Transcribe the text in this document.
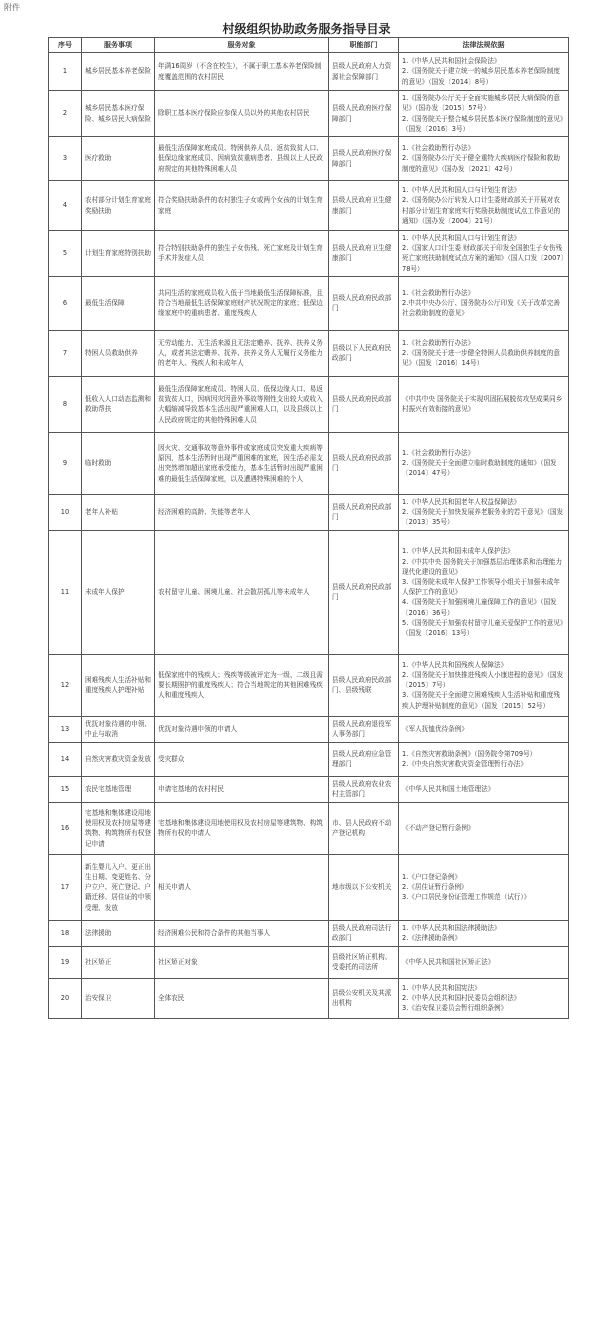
附件
村级组织协助政务服务指导目录
序号	服务事项	服务对象	职能部门	法律法规依据
1	城乡居民基本养老保险	年满16周岁（不含在校生），不属于职工基本养老保险制度覆盖范围的农村居民	县级人民政府人力资源社会保障部门	1.《中华人民共和国社会保险法》
2.《国务院关于建立统一的城乡居民基本养老保险制度的意见》（国发〔2014〕8号）

2	城乡居民基本医疗保险、城乡居民大病保险	除职工基本医疗保险应参保人员以外的其他农村居民	县级人民政府医疗保障部门	1.《国务院办公厅关于全面实施城乡居民大病保险的意见》（国办发〔2015〕57号）
2.《国务院关于整合城乡居民基本医疗保险制度的意见》（国发〔2016〕3号）

3	医疗救助	最低生活保障家庭成员、特困供养人员、返贫致贫人口、低保边缘家庭成员、因病致贫重病患者、县级以上人民政府规定的其他特殊困难人员	县级人民政府医疗保障部门	1.《社会救助暂行办法》
2.《国务院办公厅关于健全重特大疾病医疗保险和救助制度的意见》（国办发〔2021〕42号）

4	农村部分计划生育家庭奖励扶助	符合奖励扶助条件的农村独生子女或两个女孩的计划生育家庭	县级人民政府卫生健康部门	1.《中华人民共和国人口与计划生育法》
2.《国务院办公厅转发人口计生委财政部关于开展对农村部分计划生育家庭实行奖励扶助制度试点工作意见的通知》（国办发〔2004〕21号）

5	计划生育家庭特别扶助	符合特别扶助条件的独生子女伤残、死亡家庭及计划生育手术并发症人员	县级人民政府卫生健康部门	1.《中华人民共和国人口与计划生育法》
2.《国家人口计生委 财政部关于印发全国独生子女伤残死亡家庭扶助制度试点方案的通知》（国人口发〔2007〕78号）

6	最低生活保障	共同生活的家庭成员收入低于当地最低生活保障标准，且符合当地最低生活保障家庭财产状况规定的家庭；低保边缘家庭中的重病患者、重度残疾人	县级人民政府民政部门	1.《社会救助暂行办法》
2.中共中央办公厅、国务院办公厅印发《关于改革完善社会救助制度的意见》

7	特困人员救助供养	无劳动能力、无生活来源且无法定赡养、抚养、扶养义务人，或者其法定赡养、抚养、扶养义务人无履行义务能力的老年人、残疾人和未成年人	县级以下人民政府民政部门	1.《社会救助暂行办法》
2.《国务院关于进一步健全特困人员救助供养制度的意见》（国发〔2016〕14号）

8	低收入人口动态监测和救助帮扶	最低生活保障家庭成员、特困人员、低保边缘人口、易返贫致贫人口，因病因灾因意外事故等刚性支出较大或收入大幅缩减导致基本生活出现严重困难人口，以及县级以上人民政府规定的其他特殊困难人员	县级人民政府民政部门	《中共中央 国务院关于实现巩固拓展脱贫攻坚成果同乡村振兴有效衔接的意见》

9	临时救助	因火灾、交通事故等意外事件或家庭成员突发重大疾病等原因，基本生活暂时出现严重困难的家庭，因生活必需支出突然增加超出家庭承受能力，基本生活暂时出现严重困难的最低生活保障家庭，以及遭遇特殊困难的个人	县级人民政府民政部门	1.《社会救助暂行办法》
2.《国务院关于全面建立临时救助制度的通知》（国发〔2014〕47号）

10	老年人补贴	经济困难的高龄、失能等老年人	县级人民政府民政部门	1.《中华人民共和国老年人权益保障法》
2.《国务院关于加快发展养老服务业的若干意见》（国发〔2013〕35号）

11	未成年人保护	农村留守儿童、困境儿童、社会散居孤儿等未成年人	县级人民政府民政部门	1.《中华人民共和国未成年人保护法》
2.《中共中央 国务院关于加强基层治理体系和治理能力现代化建设的意见》
3.《国务院未成年人保护工作领导小组关于加强未成年人保护工作的意见》
4.《国务院关于加强困境儿童保障工作的意见》（国发〔2016〕36号）
5.《国务院关于加强农村留守儿童关爱保护工作的意见》（国发〔2016〕13号）

12	困难残疾人生活补贴和重度残疾人护理补贴	低保家庭中的残疾人；残疾等级被评定为一级、二级且需要长期照护的重度残疾人；符合当地规定的其他困难残疾人和重度残疾人	县级人民政府民政部门、县级残联	1.《中华人民共和国残疾人保障法》
2.《国务院关于加快推进残疾人小康进程的意见》（国发〔2015〕7号）
3.《国务院关于全面建立困难残疾人生活补贴和重度残疾人护理补贴制度的意见》（国发〔2015〕52号）

13	优抚对象待遇的申领、中止与取消	优抚对象待遇申领的申请人	县级人民政府退役军人事务部门	《军人抚恤优待条例》

14	自然灾害救灾资金发放	受灾群众	县级人民政府应急管理部门	1.《自然灾害救助条例》（国务院令第709号）
2.《中央自然灾害救灾资金管理暂行办法》

15	农民宅基地管理	申请宅基地的农村村民	县级人民政府农业农村主管部门	《中华人民共和国土地管理法》

16	宅基地和集体建设用地使用权及农村房屋等建筑物、构筑物所有权登记申请	宅基地和集体建设用地使用权及农村房屋等建筑物、构筑物所有权的申请人	市、县人民政府不动产登记机构	《不动产登记暂行条例》

17	新生婴儿入户、更正出生日期、变更姓名、分户立户、死亡登记、户籍迁移、居住证的申领受理、发放	相关申请人	地市级以下公安机关	1.《户口登记条例》
2.《居住证暂行条例》
3.《户口居民身份证管理工作规范（试行）》

18	法律援助	经济困难公民和符合条件的其他当事人	县级人民政府司法行政部门	1.《中华人民共和国法律援助法》
2.《法律援助条例》

19	社区矫正	社区矫正对象	县级社区矫正机构、受委托的司法所	《中华人民共和国社区矫正法》

20	治安保卫	全体农民	县级公安机关及其派出机构	1.《中华人民共和国宪法》
2.《中华人民共和国村民委员会组织法》
3.《治安保卫委员会暂行组织条例》
